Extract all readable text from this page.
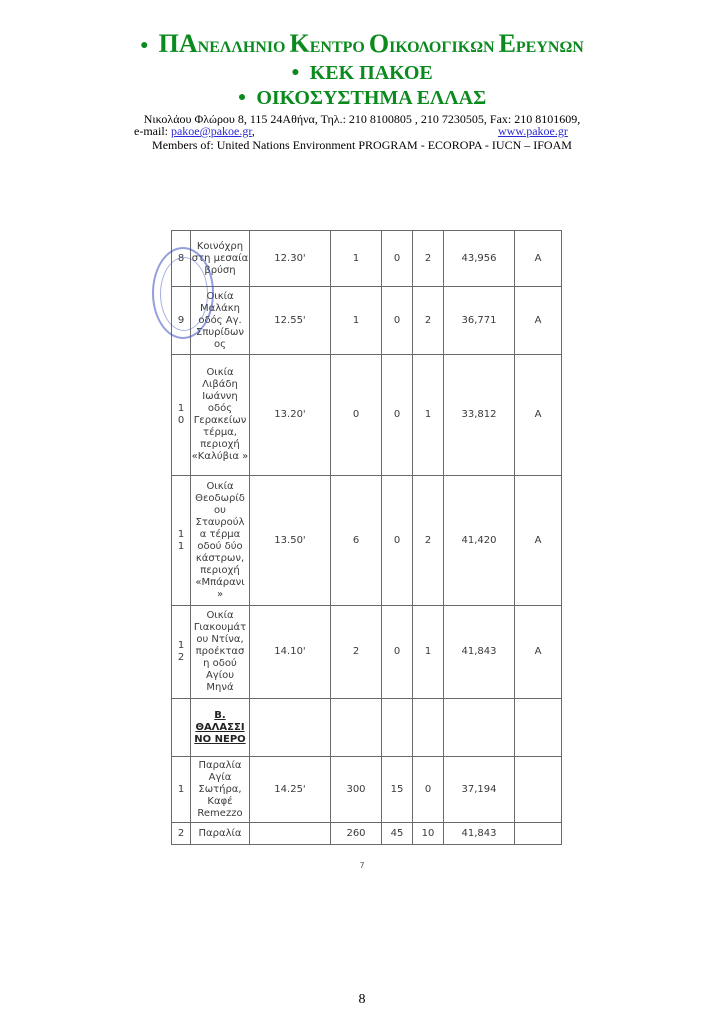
● ΠΑΝΕΛΛΗΝΙΟ ΚΕΝΤΡΟ ΟΙΚΟΛΟΓΙΚΩΝ ΕΡΕΥΝΩΝ
● ΚΕΚ ΠΑΚΟΕ
● ΟΙΚΟΣΥΣΤΗΜΑ ΕΛΛΑΣ
Νικολάου Φλώρου 8, 115 24Αθήνα, Τηλ.: 210 8100805 , 210 7230505, Fax: 210 8101609,
e-mail: pakoe@pakoe.gr,	www.pakoe.gr
Members of: United Nations Environment PROGRAM - ECOROPA - IUCN – IFOAM
8	Κοινόχρη στη μεσαία βρύση	12.30'	1	0	2	43,956	A
9	Οικία Μαλάκη οδός Αγ. Σπυρίδων ος	12.55'	1	0	2	36,771	A
10	Οικία Λιβάδη Ιωάννη οδός Γερακείων τέρμα, περιοχή «Καλύβια »	13.20'	0	0	1	33,812	A
11	Οικία Θεοδωρίδ ου Σταυρούλ α τέρμα οδού δύο κάστρων, περιοχή «Μπάρανι »	13.50'	6	0	2	41,420	A
12	Οικία Γιακουμάτ ου Ντίνα, προέκτασ η οδού Αγίου Μηνά	14.10'	2	0	1	41,843	A
	Β. ΘΑΛΑΣΣΙ ΝΟ ΝΕΡΟ						
1	Παραλία Αγία Σωτήρα, Καφέ Remezzo	14.25'	300	15	0	37,194	
2	Παραλία		260	45	10	41,843	
7
8
